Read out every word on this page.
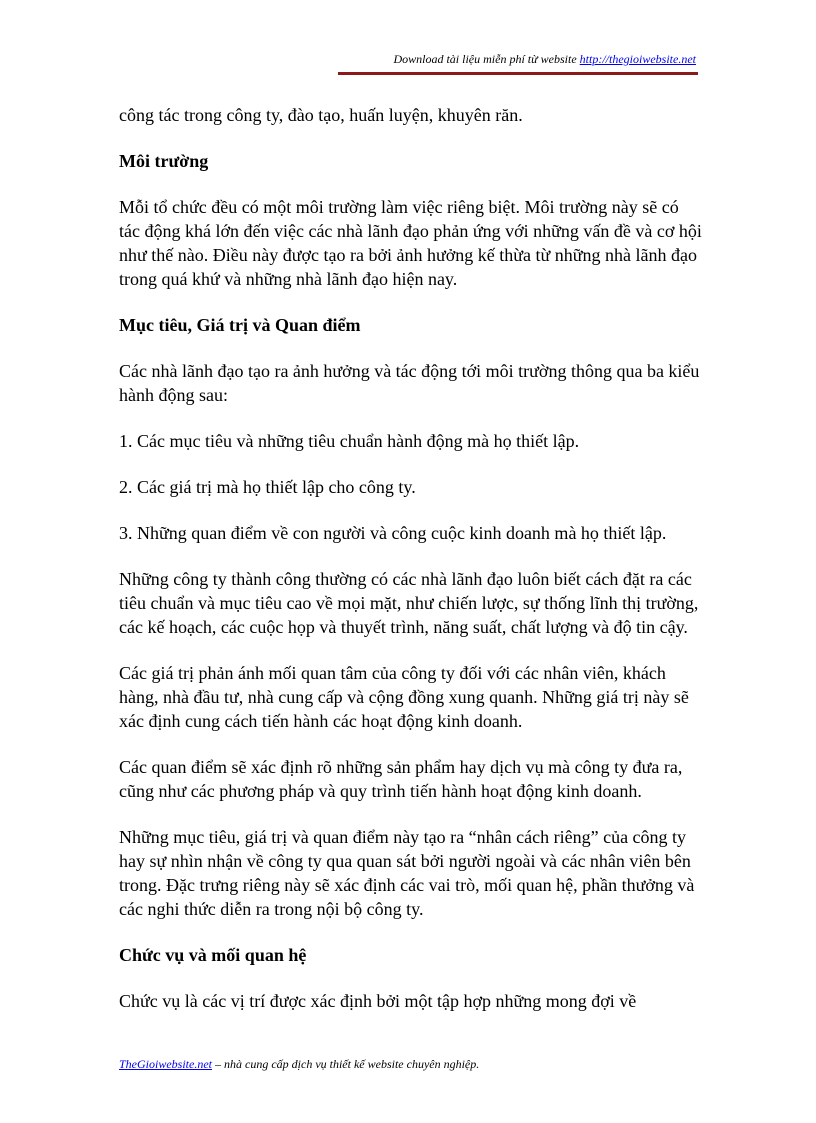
Download tài liệu miễn phí từ website http://thegioiwebsite.net

công tác trong công ty, đào tạo, huấn luyện, khuyên răn.

Môi trường

Mỗi tổ chức đều có một môi trường làm việc riêng biệt. Môi trường này sẽ có tác động khá lớn đến việc các nhà lãnh đạo phản ứng với những vấn đề và cơ hội như thế nào. Điều này được tạo ra bởi ảnh hưởng kế thừa từ những nhà lãnh đạo trong quá khứ và những nhà lãnh đạo hiện nay.

Mục tiêu, Giá trị và Quan điểm

Các nhà lãnh đạo tạo ra ảnh hưởng và tác động tới môi trường thông qua ba kiểu hành động sau:

1. Các mục tiêu và những tiêu chuẩn hành động mà họ thiết lập.

2. Các giá trị mà họ thiết lập cho công ty.

3. Những quan điểm về con người và công cuộc kinh doanh mà họ thiết lập.

Những công ty thành công thường có các nhà lãnh đạo luôn biết cách đặt ra các tiêu chuẩn và mục tiêu cao về mọi mặt, như chiến lược, sự thống lĩnh thị trường, các kế hoạch, các cuộc họp và thuyết trình, năng suất, chất lượng và độ tin cậy.

Các giá trị phản ánh mối quan tâm của công ty đối với các nhân viên, khách hàng, nhà đầu tư, nhà cung cấp và cộng đồng xung quanh. Những giá trị này sẽ xác định cung cách tiến hành các hoạt động kinh doanh.

Các quan điểm sẽ xác định rõ những sản phẩm hay dịch vụ mà công ty đưa ra, cũng như các phương pháp và quy trình tiến hành hoạt động kinh doanh.

Những mục tiêu, giá trị và quan điểm này tạo ra “nhân cách riêng” của công ty hay sự nhìn nhận về công ty qua quan sát bởi người ngoài và các nhân viên bên trong. Đặc trưng riêng này sẽ xác định các vai trò, mối quan hệ, phần thưởng và các nghi thức diễn ra trong nội bộ công ty.

Chức vụ và mối quan hệ

Chức vụ là các vị trí được xác định bởi một tập hợp những mong đợi về

TheGioiwebsite.net – nhà cung cấp dịch vụ thiết kế website chuyên nghiệp.
